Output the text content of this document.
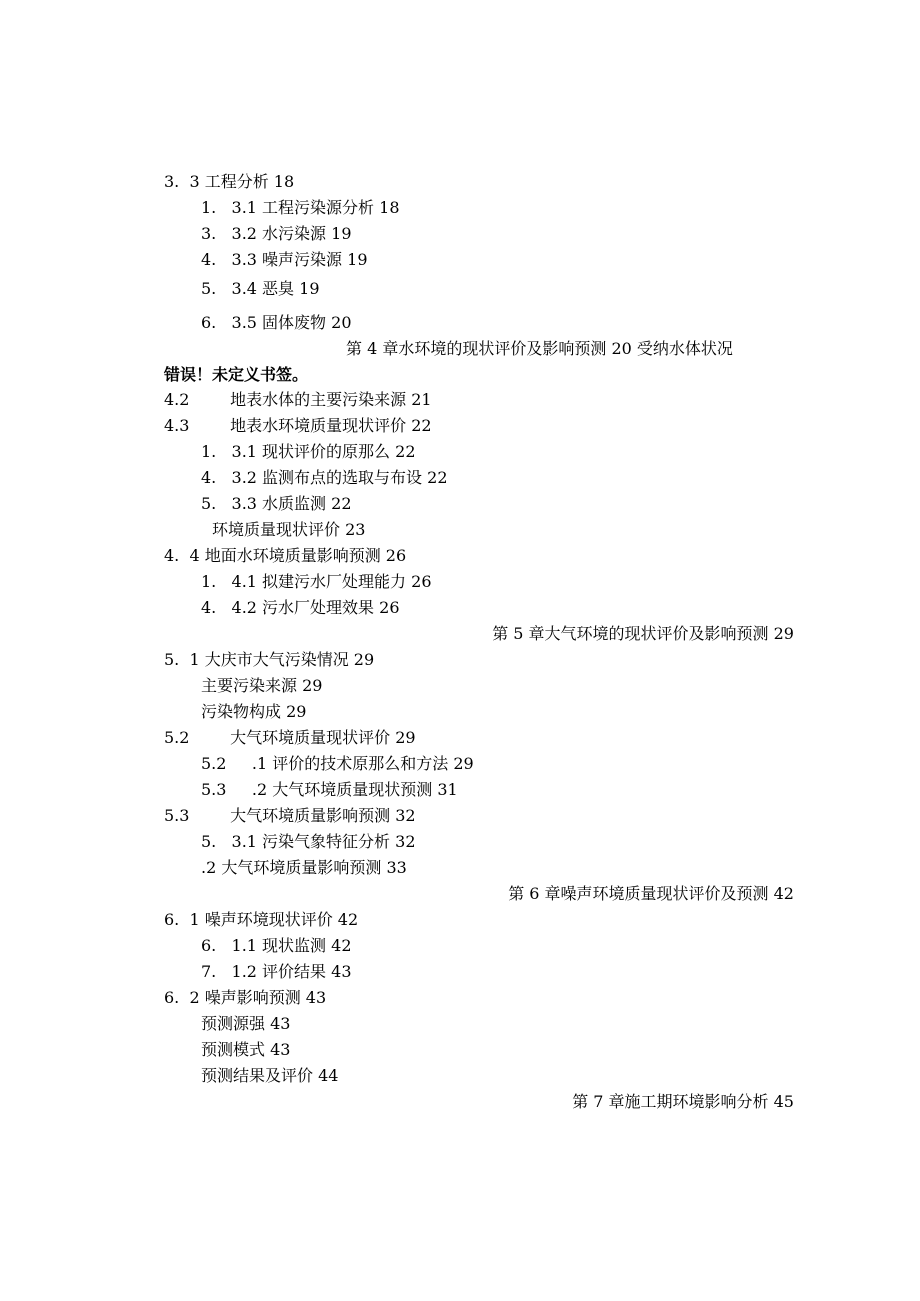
3.  3 工程分析 18
1.   3.1 工程污染源分析 18
3.   3.2 水污染源 19
4.   3.3 噪声污染源 19
5.   3.4 恶臭 19
6.   3.5 固体废物 20
第 4 章水环境的现状评价及影响预测 20 受纳水体状况
错误！未定义书签。
4.2        地表水体的主要污染来源 21
4.3        地表水环境质量现状评价 22
1.   3.1 现状评价的原那么 22
4.   3.2 监测布点的选取与布设 22
5.   3.3 水质监测 22
环境质量现状评价 23
4.  4 地面水环境质量影响预测 26
1.   4.1 拟建污水厂处理能力 26
4.   4.2 污水厂处理效果 26
第 5 章大气环境的现状评价及影响预测 29
5.  1 大庆市大气污染情况 29
主要污染来源 29
污染物构成 29
5.2        大气环境质量现状评价 29
5.2     .1 评价的技术原那么和方法 29
5.3     .2 大气环境质量现状预测 31
5.3        大气环境质量影响预测 32
5.   3.1 污染气象特征分析 32
.2 大气环境质量影响预测 33
第 6 章噪声环境质量现状评价及预测 42
6.  1 噪声环境现状评价 42
6.   1.1 现状监测 42
7.   1.2 评价结果 43
6.  2 噪声影响预测 43
预测源强 43
预测模式 43
预测结果及评价 44
第 7 章施工期环境影响分析 45
